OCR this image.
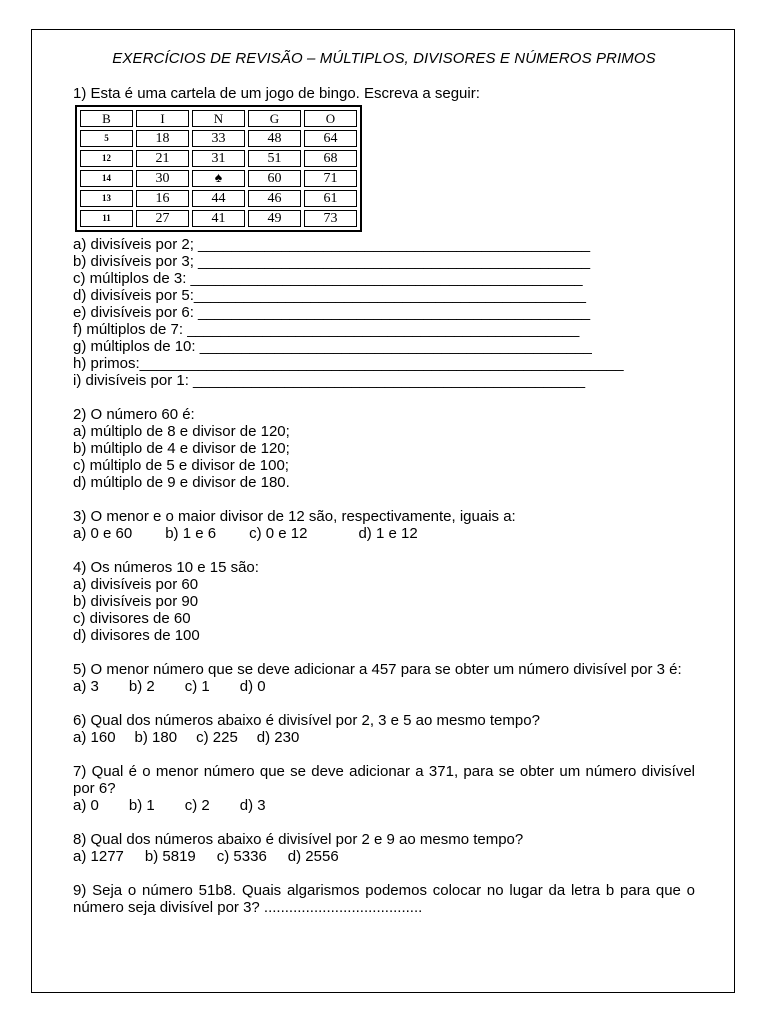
EXERCÍCIOS DE REVISÃO – MÚLTIPLOS, DIVISORES E NÚMEROS PRIMOS
1) Esta é uma cartela de um jogo de bingo. Escreva a seguir:
B	I	N	G	O
5	18	33	48	64
12	21	31	51	68
14	30	♠	60	71
13	16	44	46	61
11	27	41	49	73
a) divisíveis por 2; _______________________________________________
b) divisíveis por 3; _______________________________________________
c) múltiplos de 3: _______________________________________________
d) divisíveis por 5:_______________________________________________
e) divisíveis por 6: _______________________________________________
f) múltiplos de 7: _______________________________________________
g) múltiplos de 10: _______________________________________________
h) primos:__________________________________________________________
i) divisíveis por 1: _______________________________________________
2) O número 60 é:
a) múltiplo de 8 e divisor de 120;
b) múltiplo de 4 e divisor de 120;
c) múltiplo de 5 e divisor de 100;
d) múltiplo de 9 e divisor de 180.
3) O menor e o maior divisor de 12 são, respectivamente, iguais a:
a) 0 e 60 b) 1 e 6 c) 0 e 12	d) 1 e 12
4) Os números 10 e 15 são:
a) divisíveis por 60
b) divisíveis por 90
c) divisores de 60
d) divisores de 100
5) O menor número que se deve adicionar a 457 para se obter um número divisível por 3 é:
a) 3 b) 2 c) 1 d) 0
6) Qual dos números abaixo é divisível por 2, 3 e 5 ao mesmo tempo?
a) 160 b) 180 c) 225 d) 230
7) Qual é o menor número que se deve adicionar a 371, para se obter um número divisível por 6?
a) 0 b) 1 c) 2 d) 3
8) Qual dos números abaixo é divisível por 2 e 9 ao mesmo tempo?
a) 1277 b) 5819 c) 5336 d) 2556
9) Seja o número 51b8. Quais algarismos podemos colocar no lugar da letra b para que o número seja divisível por 3? ......................................
